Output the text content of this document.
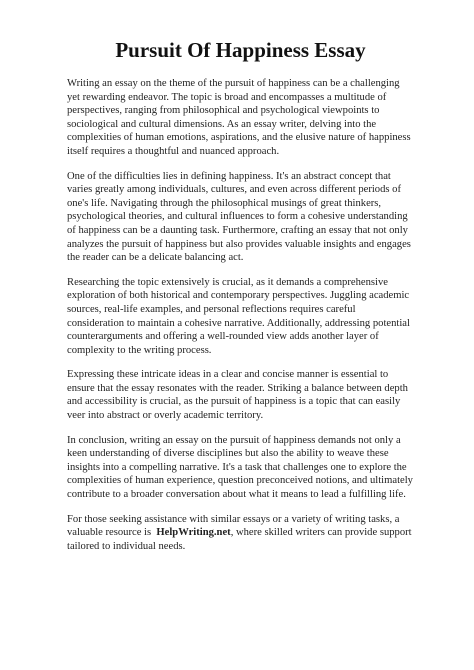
Pursuit Of Happiness Essay

Writing an essay on the theme of the pursuit of happiness can be a challenging yet rewarding endeavor. The topic is broad and encompasses a multitude of perspectives, ranging from philosophical and psychological viewpoints to sociological and cultural dimensions. As an essay writer, delving into the complexities of human emotions, aspirations, and the elusive nature of happiness itself requires a thoughtful and nuanced approach.

One of the difficulties lies in defining happiness. It's an abstract concept that varies greatly among individuals, cultures, and even across different periods of one's life. Navigating through the philosophical musings of great thinkers, psychological theories, and cultural influences to form a cohesive understanding of happiness can be a daunting task. Furthermore, crafting an essay that not only analyzes the pursuit of happiness but also provides valuable insights and engages the reader can be a delicate balancing act.

Researching the topic extensively is crucial, as it demands a comprehensive exploration of both historical and contemporary perspectives. Juggling academic sources, real-life examples, and personal reflections requires careful consideration to maintain a cohesive narrative. Additionally, addressing potential counterarguments and offering a well-rounded view adds another layer of complexity to the writing process.

Expressing these intricate ideas in a clear and concise manner is essential to ensure that the essay resonates with the reader. Striking a balance between depth and accessibility is crucial, as the pursuit of happiness is a topic that can easily veer into abstract or overly academic territory.

In conclusion, writing an essay on the pursuit of happiness demands not only a keen understanding of diverse disciplines but also the ability to weave these insights into a compelling narrative. It's a task that challenges one to explore the complexities of human experience, question preconceived notions, and ultimately contribute to a broader conversation about what it means to lead a fulfilling life.

For those seeking assistance with similar essays or a variety of writing tasks, a valuable resource is HelpWriting.net, where skilled writers can provide support tailored to individual needs.
